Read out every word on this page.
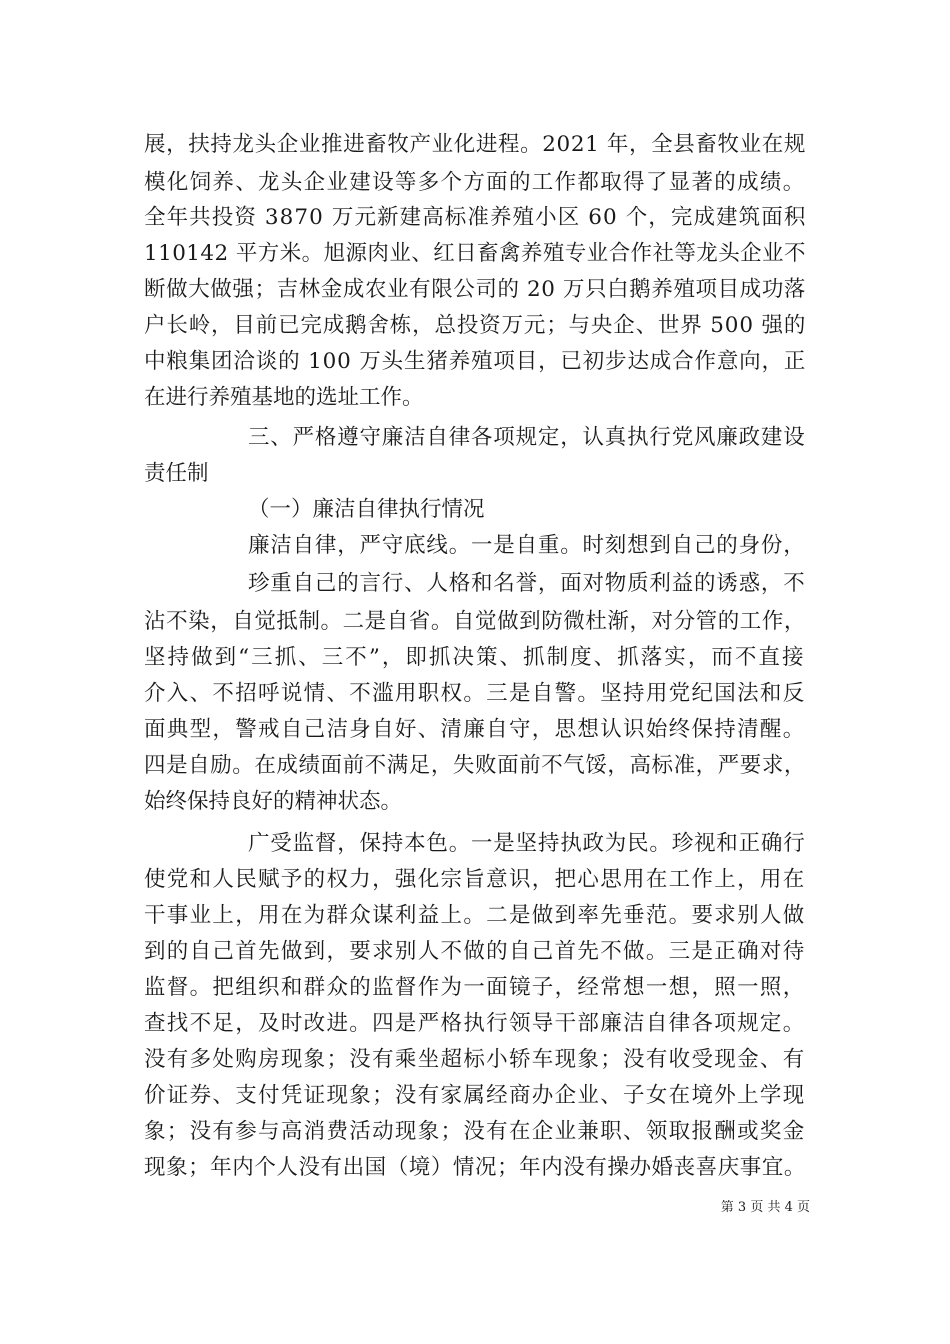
展，扶持龙头企业推进畜牧产业化进程。2021 年，全县畜牧业在规
模化饲养、龙头企业建设等多个方面的工作都取得了显著的成绩。
全年共投资 3870 万元新建高标准养殖小区 60 个，完成建筑面积
110142 平方米。旭源肉业、红日畜禽养殖专业合作社等龙头企业不
断做大做强；吉林金成农业有限公司的 20 万只白鹅养殖项目成功落
户长岭，目前已完成鹅舍栋，总投资万元；与央企、世界 500 强的
中粮集团洽谈的 100 万头生猪养殖项目，已初步达成合作意向，正
在进行养殖基地的选址工作。
三、严格遵守廉洁自律各项规定，认真执行党风廉政建设
责任制
（一）廉洁自律执行情况
廉洁自律，严守底线。一是自重。时刻想到自己的身份，
珍重自己的言行、人格和名誉，面对物质利益的诱惑，不
沾不染，自觉抵制。二是自省。自觉做到防微杜渐，对分管的工作，
坚持做到“三抓、三不”，即抓决策、抓制度、抓落实，而不直接
介入、不招呼说情、不滥用职权。三是自警。坚持用党纪国法和反
面典型，警戒自己洁身自好、清廉自守，思想认识始终保持清醒。
四是自励。在成绩面前不满足，失败面前不气馁，高标准，严要求，
始终保持良好的精神状态。
广受监督，保持本色。一是坚持执政为民。珍视和正确行
使党和人民赋予的权力，强化宗旨意识，把心思用在工作上，用在
干事业上，用在为群众谋利益上。二是做到率先垂范。要求别人做
到的自己首先做到，要求别人不做的自己首先不做。三是正确对待
监督。把组织和群众的监督作为一面镜子，经常想一想，照一照，
查找不足，及时改进。四是严格执行领导干部廉洁自律各项规定。
没有多处购房现象；没有乘坐超标小轿车现象；没有收受现金、有
价证券、支付凭证现象；没有家属经商办企业、子女在境外上学现
象；没有参与高消费活动现象；没有在企业兼职、领取报酬或奖金
现象；年内个人没有出国（境）情况；年内没有操办婚丧喜庆事宜。
第 3 页 共 4 页
